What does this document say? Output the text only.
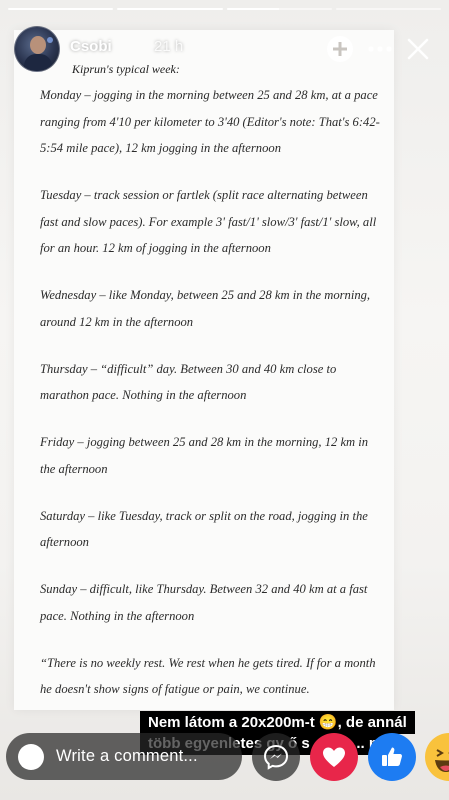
Kiprun's typical week:
Csobi	21 h

Monday – jogging in the morning between 25 and 28 km, at a pace ranging from 4'10 per kilometer to 3'40 (Editor's note: That's 6:42-5:54 mile pace), 12 km jogging in the afternoon

Tuesday – track session or fartlek (split race alternating between fast and slow paces). For example 3' fast/1' slow/3' fast/1' slow, all for an hour. 12 km of jogging in the afternoon

Wednesday – like Monday, between 25 and 28 km in the morning, around 12 km in the afternoon

Thursday – “difficult” day. Between 30 and 40 km close to marathon pace. Nothing in the afternoon

Friday – jogging between 25 and 28 km in the morning, 12 km in the afternoon

Saturday – like Tuesday, track or split on the road, jogging in the afternoon

Sunday – difficult, like Thursday. Between 32 and 40 km at a fast pace. Nothing in the afternoon

“There is no weekly rest. We rest when he gets tired. If for a month he doesn't show signs of fatigue or pain, we continue.

Nem látom a 20x200m-t 😁, de annál
s ...
Write a comment...
